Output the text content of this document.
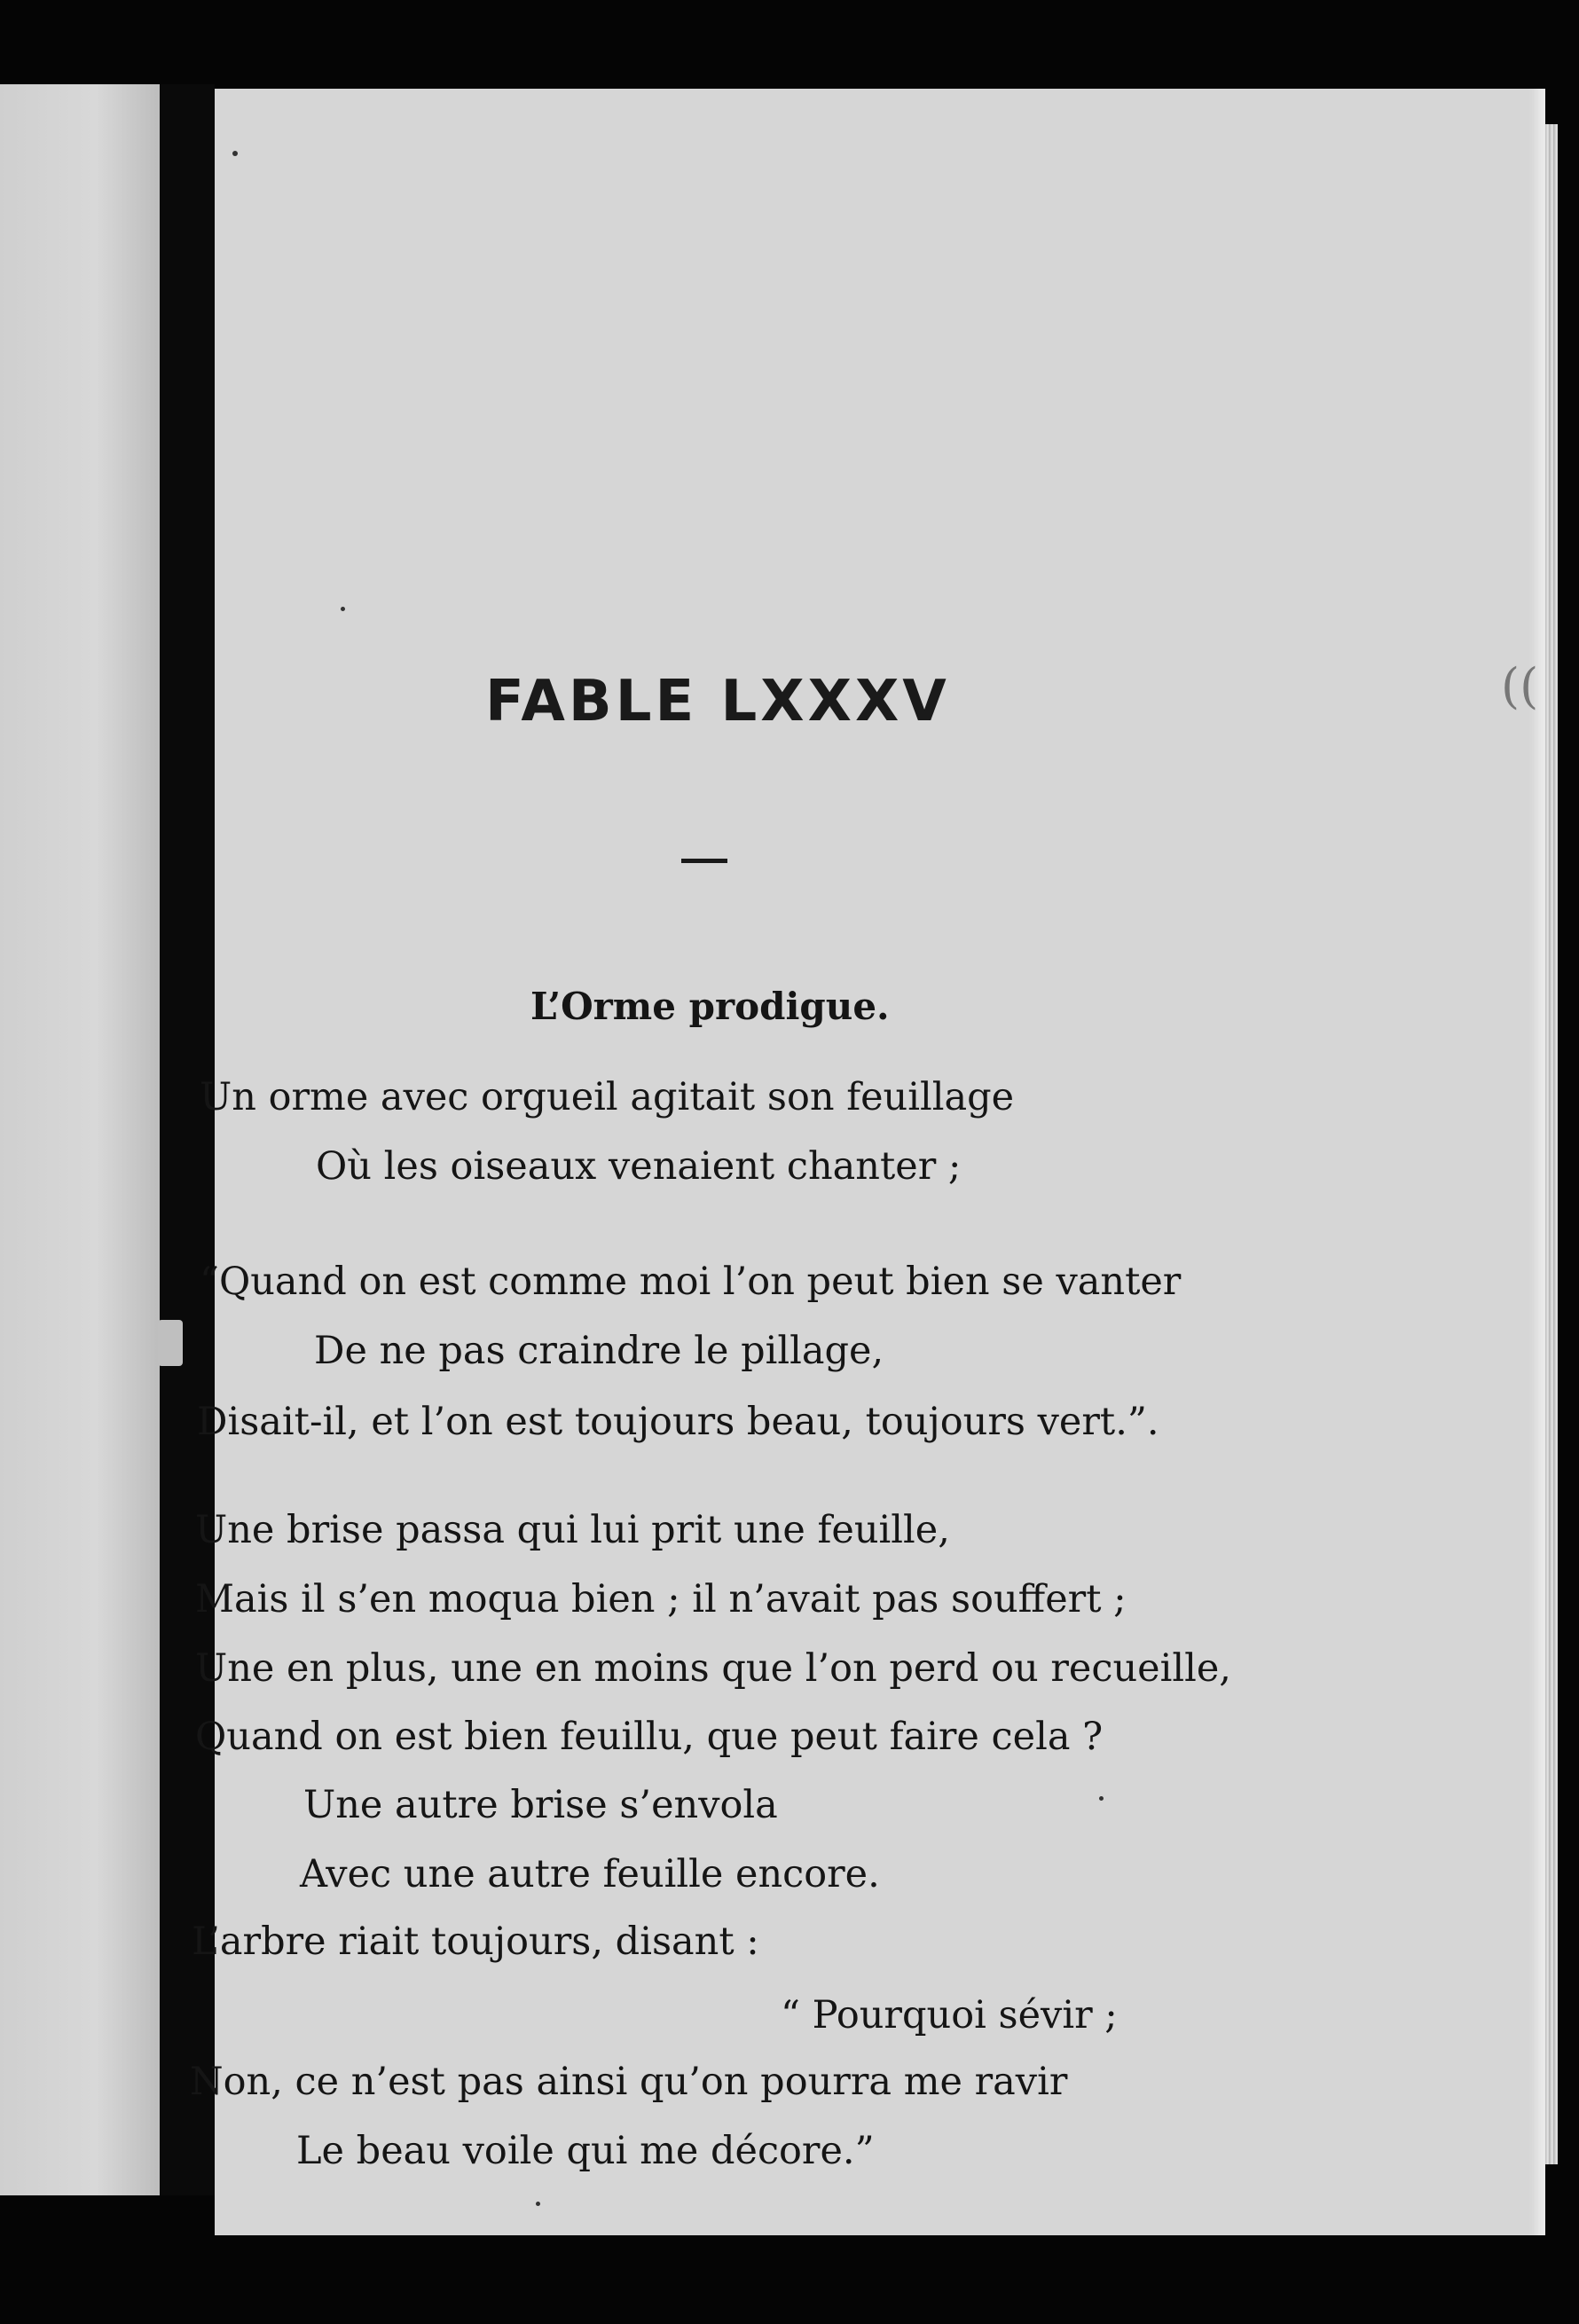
((
FABLE LXXXV
L’Orme prodigue.
Un orme avec orgueil agitait son feuillage
Où les oiseaux venaient chanter ;
“Quand on est comme moi l’on peut bien se vanter
De ne pas craindre le pillage,
Disait-il, et l’on est toujours beau, toujours vert.”.
Une brise passa qui lui prit une feuille,
Mais il s’en moqua bien ; il n’avait pas souffert ;
Une en plus, une en moins que l’on perd ou recueille,
Quand on est bien feuillu, que peut faire cela ?
Une autre brise s’envola
Avec une autre feuille encore.
L’arbre riait toujours, disant :
“ Pourquoi sévir ;
Non, ce n’est pas ainsi qu’on pourra me ravir
Le beau voile qui me décore.”
